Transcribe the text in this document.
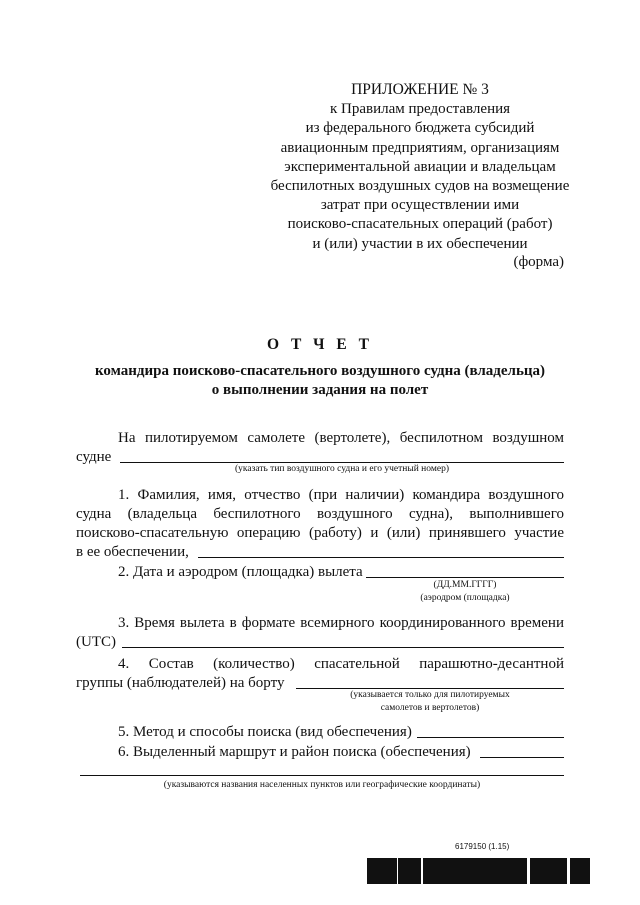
ПРИЛОЖЕНИЕ № 3
к Правилам предоставления
из федерального бюджета субсидий
авиационным предприятиям, организациям
экспериментальной авиации и владельцам
беспилотных воздушных судов на возмещение
затрат при осуществлении ими
поисково-спасательных операций (работ)
и (или) участии в их обеспечении
(форма)
О Т Ч Е Т
командира поисково-спасательного воздушного судна (владельца)
о выполнении задания на полет
На пилотируемом самолете (вертолете), беспилотном воздушном
судне
(указать тип воздушного судна и его учетный номер)
1. Фамилия, имя, отчество (при наличии) командира воздушного
судна (владельца беспилотного воздушного судна), выполнившего
поисково-спасательную операцию (работу) и (или) принявшего участие
в ее обеспечении,
2. Дата и аэродром (площадка) вылета
(ДД.ММ.ГГГГ)
(аэродром (площадка)
3. Время вылета в формате всемирного координированного времени
(UTC)
4. Состав (количество) спасательной парашютно-десантной
группы (наблюдателей) на борту
(указывается только для пилотируемых
самолетов и вертолетов)
5. Метод и способы поиска (вид обеспечения)
6. Выделенный маршрут и район поиска (обеспечения)
(указываются названия населенных пунктов или географические координаты)
6179150 (1.15)
